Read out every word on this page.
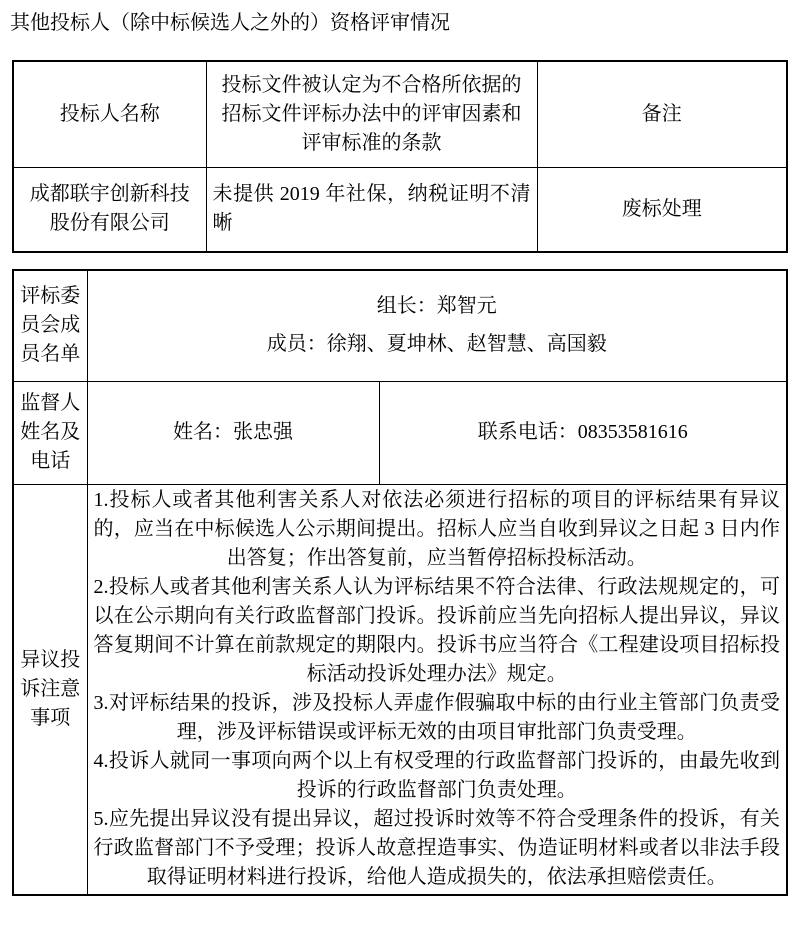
其他投标人（除中标候选人之外的）资格评审情况
投标人名称	投标文件被认定为不合格所依据的招标文件评标办法中的评审因素和评审标准的条款	备注
成都联宇创新科技股份有限公司	未提供 2019 年社保，纳税证明不清晰	废标处理
评标委员会成员名单	组长：郑智元
成员：徐翔、夏坤林、赵智慧、高国毅	

监督人姓名及电话	姓名：张忠强	联系电话：08353581616
异议投诉注意事项	1.投标人或者其他利害关系人对依法必须进行招标的项目的评标结果有异议的，应当在中标候选人公示期间提出。招标人应当自收到异议之日起 3 日内作出答复；作出答复前，应当暂停招标投标活动。

2.投标人或者其他利害关系人认为评标结果不符合法律、行政法规规定的，可以在公示期向有关行政监督部门投诉。投诉前应当先向招标人提出异议，异议答复期间不计算在前款规定的期限内。投诉书应当符合《工程建设项目招标投标活动投诉处理办法》规定。

3.对评标结果的投诉，涉及投标人弄虚作假骗取中标的由行业主管部门负责受理，涉及评标错误或评标无效的由项目审批部门负责受理。

4.投诉人就同一事项向两个以上有权受理的行政监督部门投诉的，由最先收到投诉的行政监督部门负责处理。

5.应先提出异议没有提出异议，超过投诉时效等不符合受理条件的投诉，有关行政监督部门不予受理；投诉人故意捏造事实、伪造证明材料或者以非法手段取得证明材料进行投诉，给他人造成损失的，依法承担赔偿责任。	
